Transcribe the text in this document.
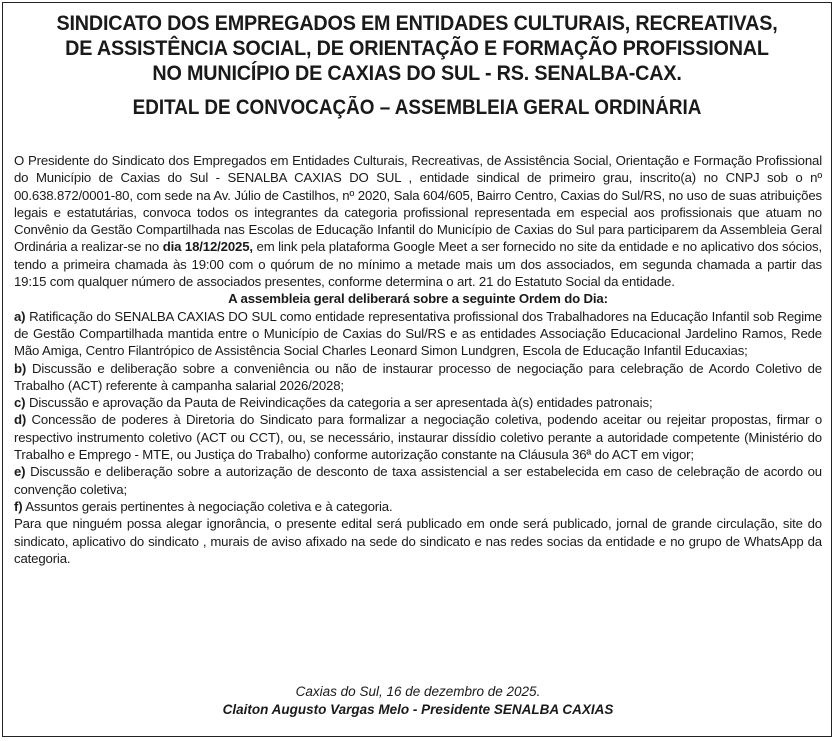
SINDICATO DOS EMPREGADOS EM ENTIDADES CULTURAIS, RECREATIVAS,
DE ASSISTÊNCIA SOCIAL, DE ORIENTAÇÃO E FORMAÇÃO PROFISSIONAL
NO MUNICÍPIO DE CAXIAS DO SUL - RS. SENALBA-CAX.
EDITAL DE CONVOCAÇÃO – ASSEMBLEIA GERAL ORDINÁRIA

O Presidente do Sindicato dos Empregados em Entidades Culturais, Recreativas, de Assistência Social, Orientação e Formação Profissional do Município de Caxias do Sul - SENALBA CAXIAS DO SUL , entidade sindical de primeiro grau, inscrito(a) no CNPJ sob o nº 00.638.872/0001-80, com sede na Av. Júlio de Castilhos, nº 2020, Sala 604/605, Bairro Centro, Caxias do Sul/RS, no uso de suas atribuições legais e estatutárias, convoca todos os integrantes da categoria profissional representada em especial aos profissionais que atuam no Convênio da Gestão Compartilhada nas Escolas de Educação Infantil do Município de Caxias do Sul para participarem da Assembleia Geral Ordinária a realizar-se no dia 18/12/2025, em link pela plataforma Google Meet a ser fornecido no site da entidade e no aplicativo dos sócios, tendo a primeira chamada às 19:00 com o quórum de no mínimo a metade mais um dos associados, em segunda chamada a partir das 19:15 com qualquer número de associados presentes, conforme determina o art. 21 do Estatuto Social da entidade.

A assembleia geral deliberará sobre a seguinte Ordem do Dia:

a) Ratificação do SENALBA CAXIAS DO SUL como entidade representativa profissional dos Trabalhadores na Educação Infantil sob Regime de Gestão Compartilhada mantida entre o Município de Caxias do Sul/RS e as entidades Associação Educacional Jardelino Ramos, Rede Mão Amiga, Centro Filantrópico de Assistência Social Charles Leonard Simon Lundgren, Escola de Educação Infantil Educaxias;

b) Discussão e deliberação sobre a conveniência ou não de instaurar processo de negociação para celebração de Acordo Coletivo de Trabalho (ACT) referente à campanha salarial 2026/2028;

c) Discussão e aprovação da Pauta de Reivindicações da categoria a ser apresentada à(s) entidades patronais;

d) Concessão de poderes à Diretoria do Sindicato para formalizar a negociação coletiva, podendo aceitar ou rejeitar propostas, firmar o respectivo instrumento coletivo (ACT ou CCT), ou, se necessário, instaurar dissídio coletivo perante a autoridade competente (Ministério do Trabalho e Emprego - MTE, ou Justiça do Trabalho) conforme autorização constante na Cláusula 36ª do ACT em vigor;

e) Discussão e deliberação sobre a autorização de desconto de taxa assistencial a ser estabelecida em caso de celebração de acordo ou convenção coletiva;

f) Assuntos gerais pertinentes à negociação coletiva e à categoria.

Para que ninguém possa alegar ignorância, o presente edital será publicado em onde será publicado, jornal de grande circulação, site do sindicato, aplicativo do sindicato , murais de aviso afixado na sede do sindicato e nas redes socias da entidade e no grupo de WhatsApp da categoria.

Caxias do Sul, 16 de dezembro de 2025.
Claiton Augusto Vargas Melo - Presidente SENALBA CAXIAS
